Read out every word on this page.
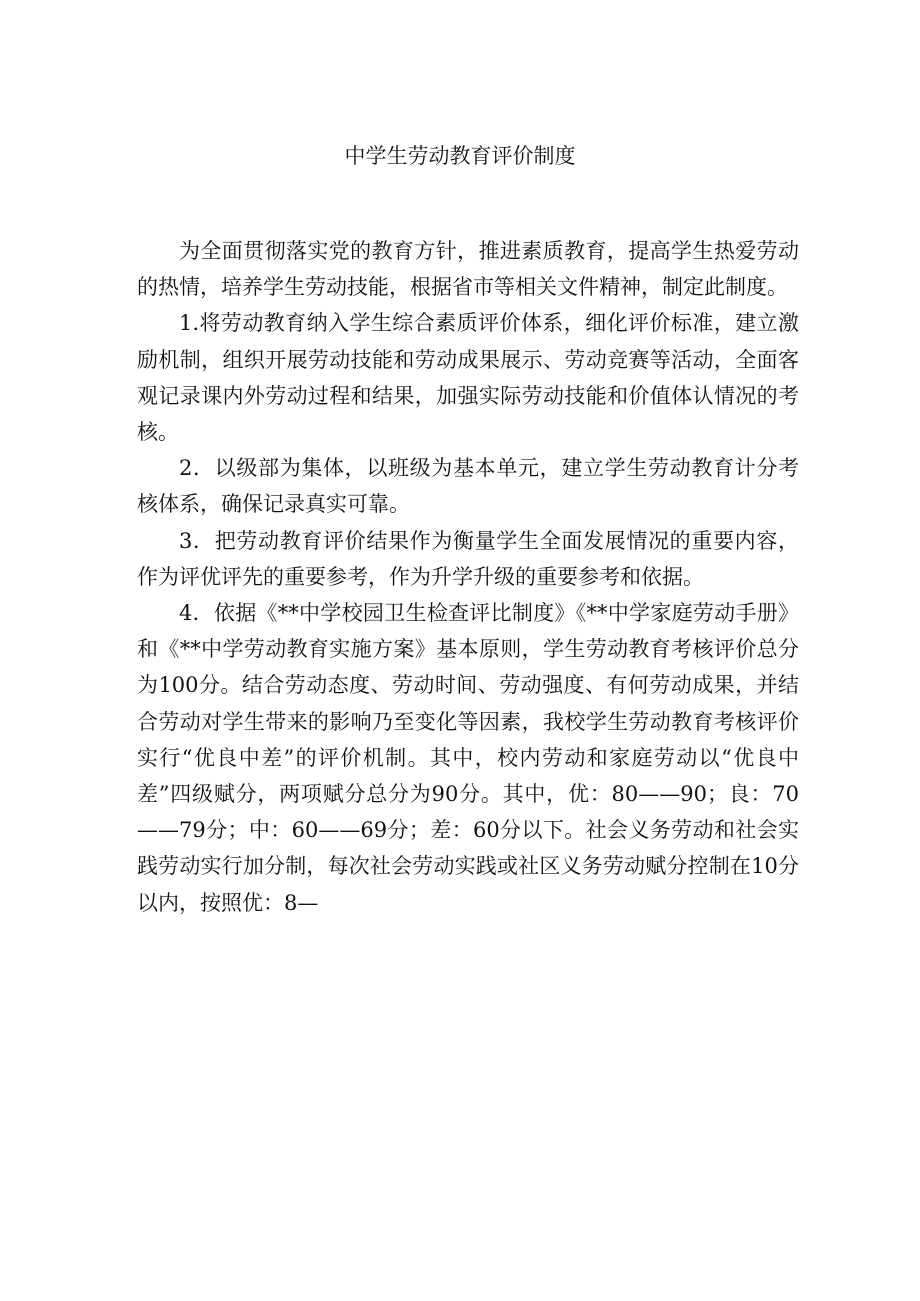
中学生劳动教育评价制度

为全面贯彻落实党的教育方针，推进素质教育，提高学生热爱劳动的热情，培养学生劳动技能，根据省市等相关文件精神，制定此制度。

1.将劳动教育纳入学生综合素质评价体系，细化评价标准，建立激励机制，组织开展劳动技能和劳动成果展示、劳动竞赛等活动，全面客观记录课内外劳动过程和结果，加强实际劳动技能和价值体认情况的考核。

2．以级部为集体，以班级为基本单元，建立学生劳动教育计分考核体系，确保记录真实可靠。

3．把劳动教育评价结果作为衡量学生全面发展情况的重要内容，作为评优评先的重要参考，作为升学升级的重要参考和依据。

4．依据《**中学校园卫生检查评比制度》《**中学家庭劳动手册》和《**中学劳动教育实施方案》基本原则，学生劳动教育考核评价总分为100分。结合劳动态度、劳动时间、劳动强度、有何劳动成果，并结合劳动对学生带来的影响乃至变化等因素，我校学生劳动教育考核评价实行“优良中差”的评价机制。其中，校内劳动和家庭劳动以“优良中差”四级赋分，两项赋分总分为90分。其中，优：80——90；良：70——79分；中：60——69分；差：60分以下。社会义务劳动和社会实践劳动实行加分制，每次社会劳动实践或社区义务劳动赋分控制在10分以内，按照优：8—
